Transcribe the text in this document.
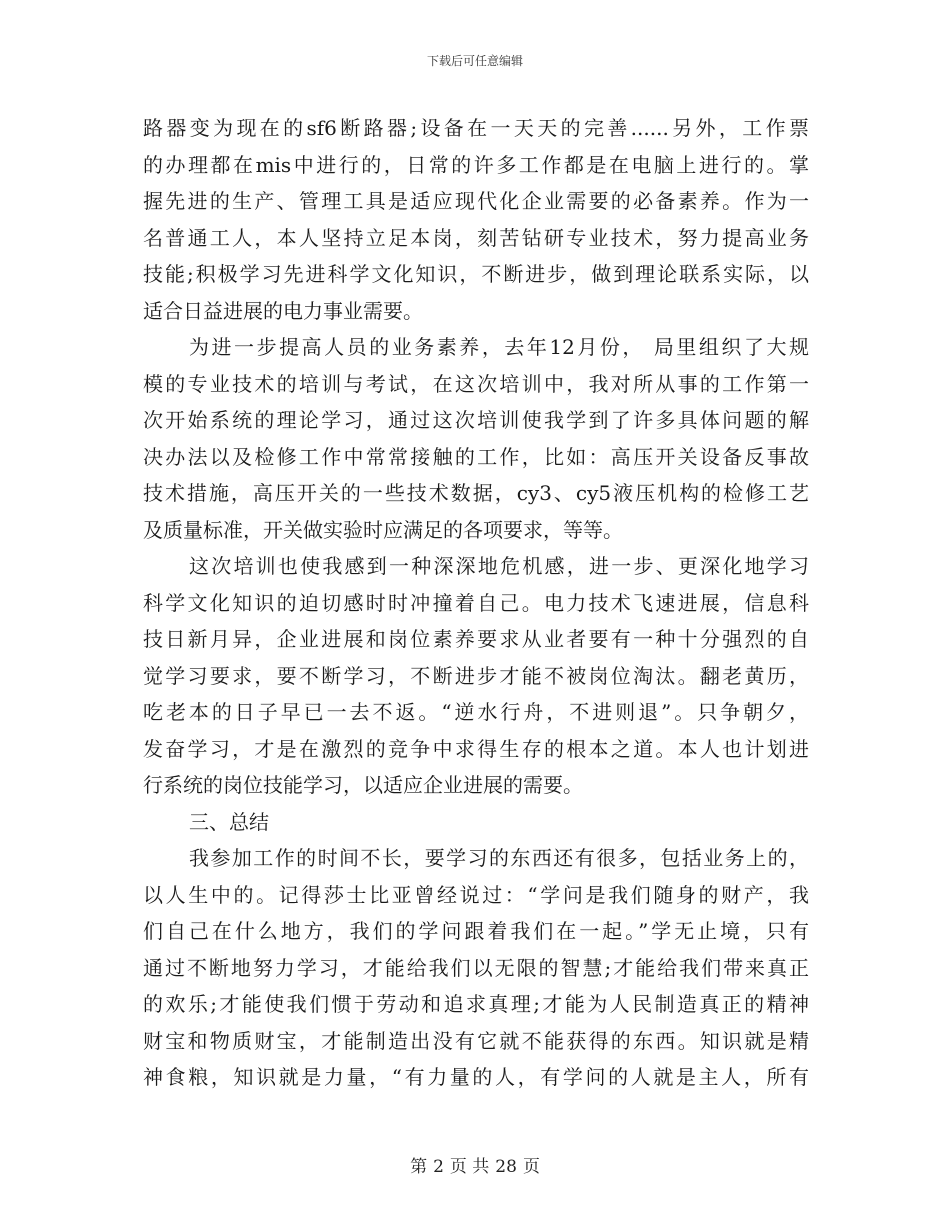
下载后可任意编辑
路器变为现在的sf6断路器;设备在一天天的完善......另外，工作票
的办理都在mis中进行的，日常的许多工作都是在电脑上进行的。掌
握先进的生产、管理工具是适应现代化企业需要的必备素养。作为一
名普通工人，本人坚持立足本岗，刻苦钻研专业技术，努力提高业务
技能;积极学习先进科学文化知识，不断进步，做到理论联系实际，以
适合日益进展的电力事业需要。
为进一步提高人员的业务素养，去年12月份， 局里组织了大规
模的专业技术的培训与考试，在这次培训中，我对所从事的工作第一
次开始系统的理论学习，通过这次培训使我学到了许多具体问题的解
决办法以及检修工作中常常接触的工作，比如：高压开关设备反事故
技术措施，高压开关的一些技术数据，cy3、cy5液压机构的检修工艺
及质量标准，开关做实验时应满足的各项要求，等等。
这次培训也使我感到一种深深地危机感，进一步、更深化地学习
科学文化知识的迫切感时时冲撞着自己。电力技术飞速进展，信息科
技日新月异，企业进展和岗位素养要求从业者要有一种十分强烈的自
觉学习要求，要不断学习，不断进步才能不被岗位淘汰。翻老黄历，
吃老本的日子早已一去不返。“逆水行舟，不进则退”。只争朝夕，
发奋学习，才是在激烈的竞争中求得生存的根本之道。本人也计划进
行系统的岗位技能学习，以适应企业进展的需要。
三、总结
我参加工作的时间不长，要学习的东西还有很多，包括业务上的，
以人生中的。记得莎士比亚曾经说过：“学问是我们随身的财产，我
们自己在什么地方，我们的学问跟着我们在一起。”学无止境，只有
通过不断地努力学习，才能给我们以无限的智慧;才能给我们带来真正
的欢乐;才能使我们惯于劳动和追求真理;才能为人民制造真正的精神
财宝和物质财宝，才能制造出没有它就不能获得的东西。知识就是精
神食粮，知识就是力量，“有力量的人，有学问的人就是主人，所有
第 2 页 共 28 页
